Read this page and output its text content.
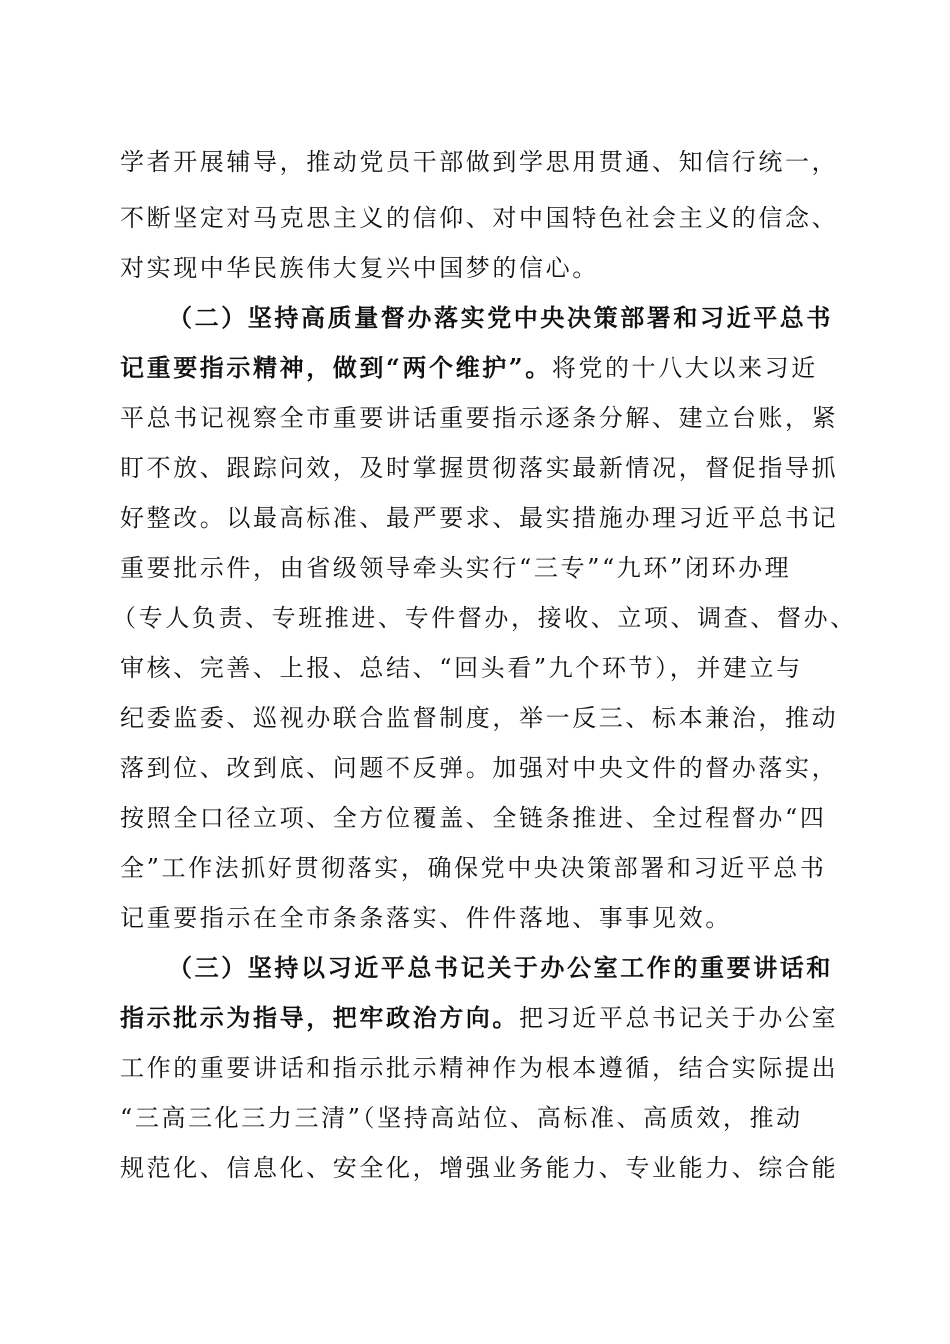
学者开展辅导，推动党员干部做到学思用贯通、知信行统一，
不断坚定对马克思主义的信仰、对中国特色社会主义的信念、
对实现中华民族伟大复兴中国梦的信心。
（二）坚持高质量督办落实党中央决策部署和习近平总书
记重要指示精神，做到“两个维护”。将党的十八大以来习近
平总书记视察全市重要讲话重要指示逐条分解、建立台账，紧
盯不放、跟踪问效，及时掌握贯彻落实最新情况，督促指导抓
好整改。以最高标准、最严要求、最实措施办理习近平总书记
重要批示件，由省级领导牵头实行“三专”“九环”闭环办理
（专人负责、专班推进、专件督办，接收、立项、调查、督办、
审核、完善、上报、总结、“回头看”九个环节），并建立与
纪委监委、巡视办联合监督制度，举一反三、标本兼治，推动
落到位、改到底、问题不反弹。加强对中央文件的督办落实，
按照全口径立项、全方位覆盖、全链条推进、全过程督办“四
全”工作法抓好贯彻落实，确保党中央决策部署和习近平总书
记重要指示在全市条条落实、件件落地、事事见效。
（三）坚持以习近平总书记关于办公室工作的重要讲话和
指示批示为指导，把牢政治方向。把习近平总书记关于办公室
工作的重要讲话和指示批示精神作为根本遵循，结合实际提出
“三高三化三力三清”（坚持高站位、高标准、高质效，推动
规范化、信息化、安全化，增强业务能力、专业能力、综合能
